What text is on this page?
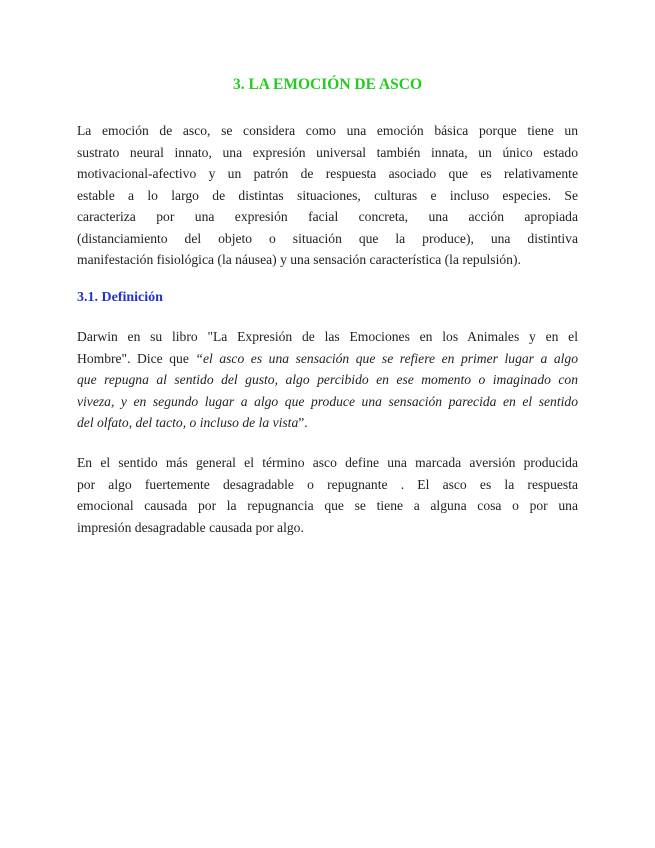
3. LA EMOCIÓN DE ASCO
La emoción de asco, se considera como una emoción básica porque tiene un
sustrato neural innato, una expresión universal también innata, un único estado
motivacional-afectivo y un patrón de respuesta asociado que es relativamente
estable a lo largo de distintas situaciones, culturas e incluso especies. Se
caracteriza por una expresión facial concreta, una acción apropiada
(distanciamiento del objeto o situación que la produce), una distintiva
manifestación fisiológica (la náusea) y una sensación característica (la repulsión).
3.1. Definición
Darwin en su libro "La Expresión de las Emociones en los Animales y en el
Hombre". Dice que “el asco es una sensación que se refiere en primer lugar a algo
que repugna al sentido del gusto, algo percibido en ese momento o imaginado con
viveza, y en segundo lugar a algo que produce una sensación parecida en el sentido
del olfato, del tacto, o incluso de la vista”.
En el sentido más general el término asco define una marcada aversión producida
por algo fuertemente desagradable o repugnante . El asco es la respuesta
emocional causada por la repugnancia que se tiene a alguna cosa o por una
impresión desagradable causada por algo.
